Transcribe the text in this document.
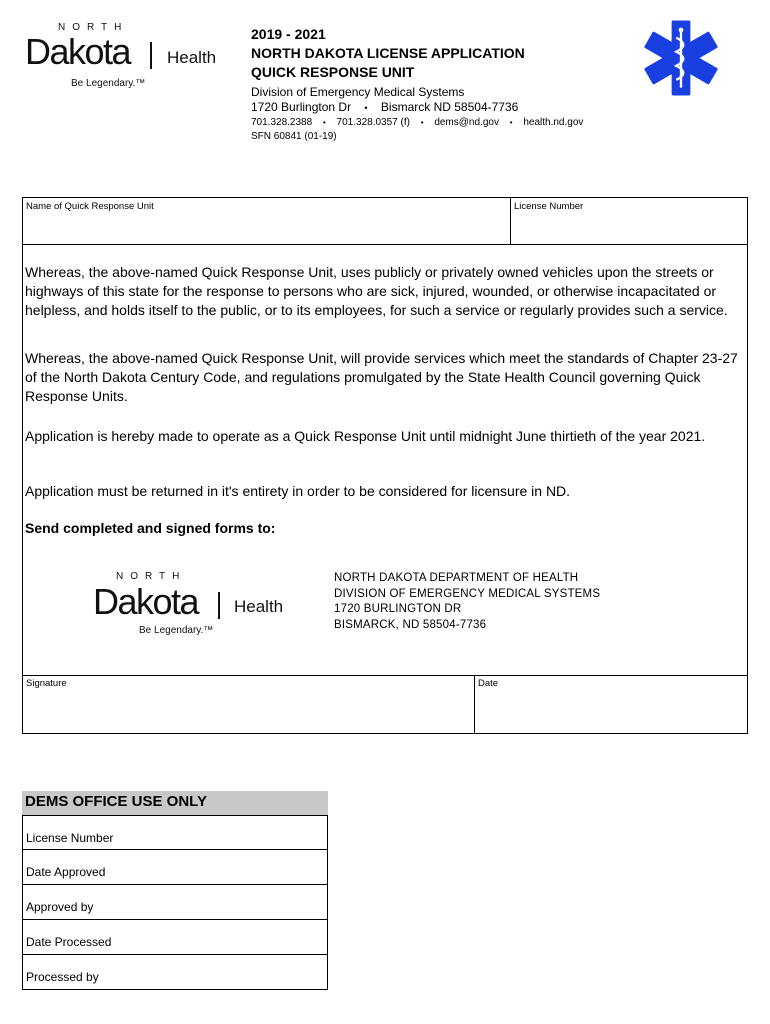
NORTH
Dakota Health
Be Legendary.™
2019 - 2021
NORTH DAKOTA LICENSE APPLICATION
QUICK RESPONSE UNIT
Division of Emergency Medical Systems
1720 Burlington Dr • Bismarck ND 58504-7736
701.328.2388 • 701.328.0357 (f) • dems@nd.gov • health.nd.gov
SFN 60841 (01-19)
Name of Quick Response Unit	License Number
Whereas, the above-named Quick Response Unit, uses publicly or privately owned vehicles upon the streets or highways of this state for the response to persons who are sick, injured, wounded, or otherwise incapacitated or helpless, and holds itself to the public, or to its employees, for such a service or regularly provides such a service.
Whereas, the above-named Quick Response Unit, will provide services which meet the standards of Chapter 23-27 of the North Dakota Century Code, and regulations promulgated by the State Health Council governing Quick Response Units.
Application is hereby made to operate as a Quick Response Unit until midnight June thirtieth of the year 2021.
Application must be returned in it's entirety in order to be considered for licensure in ND.
Send completed and signed forms to:
NORTH
Dakota Health
Be Legendary.™
NORTH DAKOTA DEPARTMENT OF HEALTH
DIVISION OF EMERGENCY MEDICAL SYSTEMS
1720 BURLINGTON DR
BISMARCK, ND 58504-7736
Signature	Date
DEMS OFFICE USE ONLY
License Number
Date Approved
Approved by
Date Processed
Processed by
